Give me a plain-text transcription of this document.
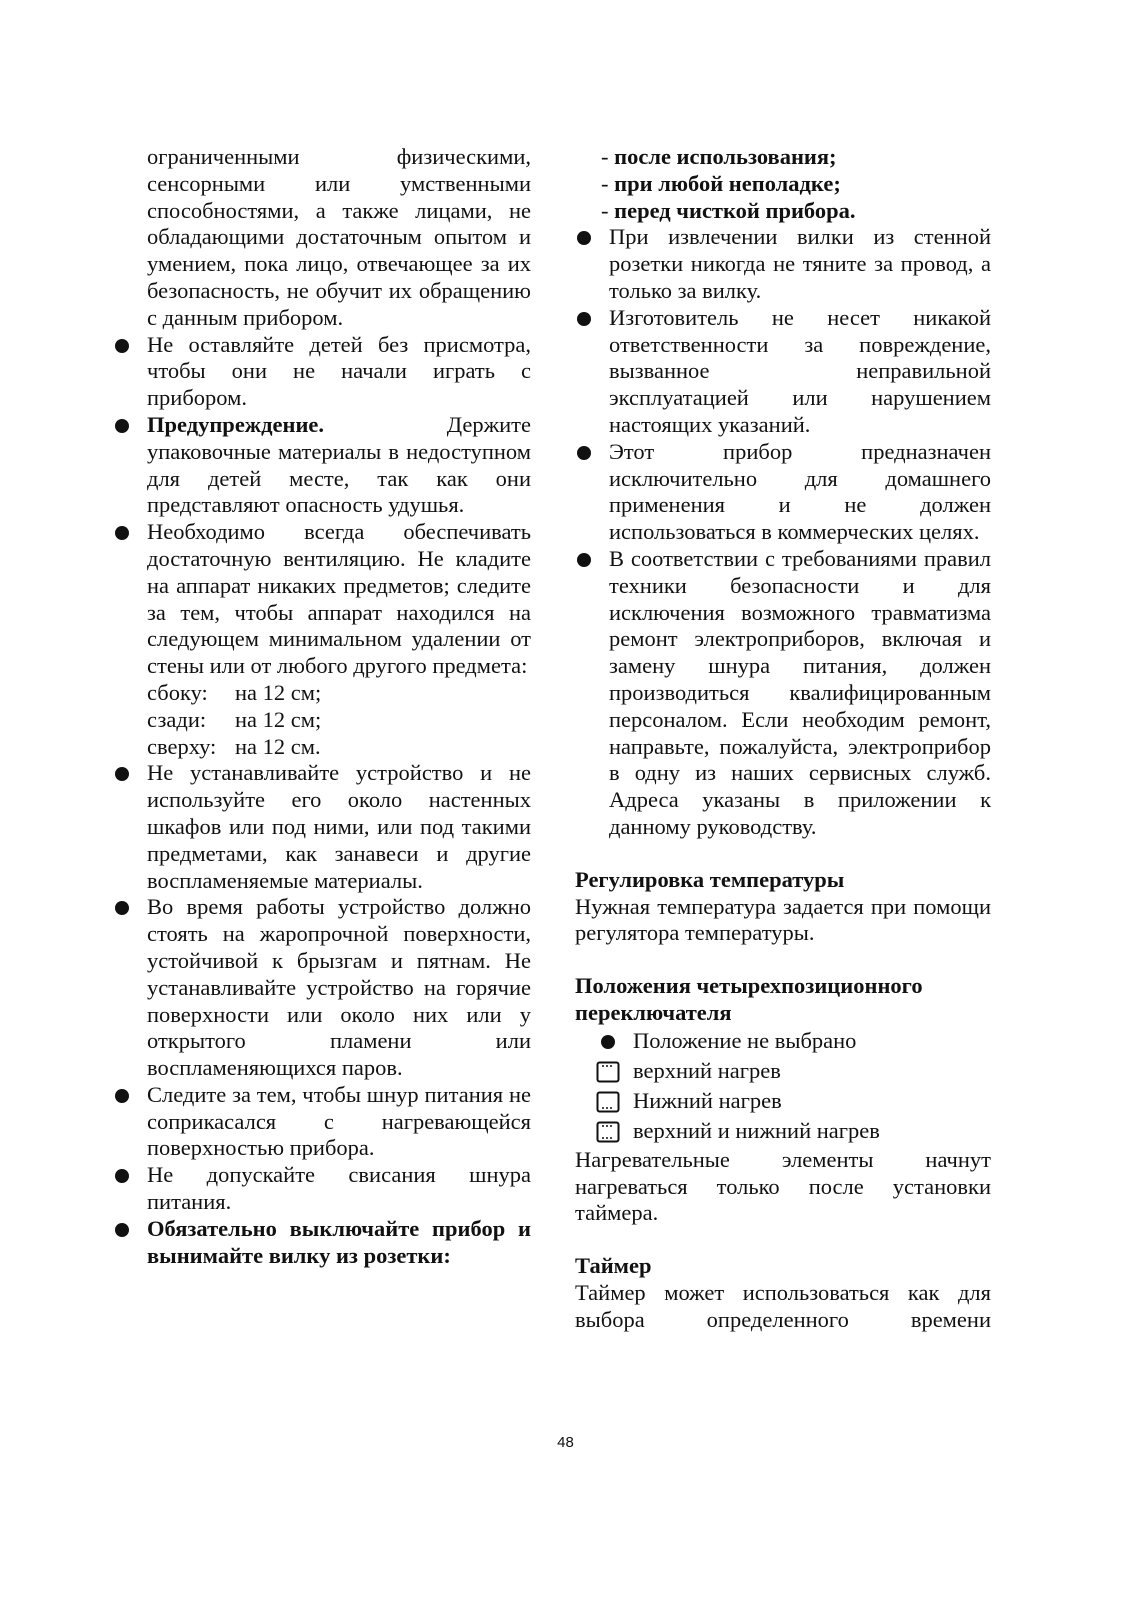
ограниченными физическими, сенсорными или умственными способностями, а также лицами, не обладающими достаточным опытом и умением, пока лицо, отвечающее за их безопасность, не обучит их обращению с данным прибором.

Не оставляйте детей без присмотра, чтобы они не начали играть с прибором.

Предупреждение. Держите упаковочные материалы в недоступном для детей месте, так как они представляют опасность удушья.

Необходимо всегда обеспечивать достаточную вентиляцию. Не кладите на аппарат никаких предметов; следите за тем, чтобы аппарат находился на следующем минимальном удалении от стены или от любого другого предмета:

сбоку: на 12 см;
сзади: на 12 см;
сверху: на 12 см.

Не устанавливайте устройство и не используйте его около настенных шкафов или под ними, или под такими предметами, как занавеси и другие воспламеняемые материалы.

Во время работы устройство должно стоять на жаропрочной поверхности, устойчивой к брызгам и пятнам. Не устанавливайте устройство на горячие поверхности или около них или у открытого пламени или воспламеняющихся паров.

Следите за тем, чтобы шнур питания не соприкасался с нагревающейся поверхностью прибора.

Не допускайте свисания шнура питания.

Обязательно выключайте прибор и вынимайте вилку из розетки:

- после использования;

- при любой неполадке;

- перед чисткой прибора.

При извлечении вилки из стенной розетки никогда не тяните за провод, а только за вилку.

Изготовитель не несет никакой ответственности за повреждение, вызванное неправильной эксплуатацией или нарушением настоящих указаний.

Этот прибор предназначен исключительно для домашнего применения и не должен использоваться в коммерческих целях.

В соответствии с требованиями правил техники безопасности и для исключения возможного травматизма ремонт электроприборов, включая и замену шнура питания, должен производиться квалифицированным персоналом. Если необходим ремонт, направьте, пожалуйста, электроприбор в одну из наших сервисных служб. Адреса указаны в приложении к данному руководству.

Регулировка температуры

Нужная температура задается при помощи регулятора температуры.

Положения четырехпозиционного переключателя

Положение не выбрано
верхний нагрев
Нижний нагрев
верхний и нижний нагрев

Нагревательные элементы начнут нагреваться только после установки таймера.

Таймер

Таймер может использоваться как для выбора определенного времени

48
